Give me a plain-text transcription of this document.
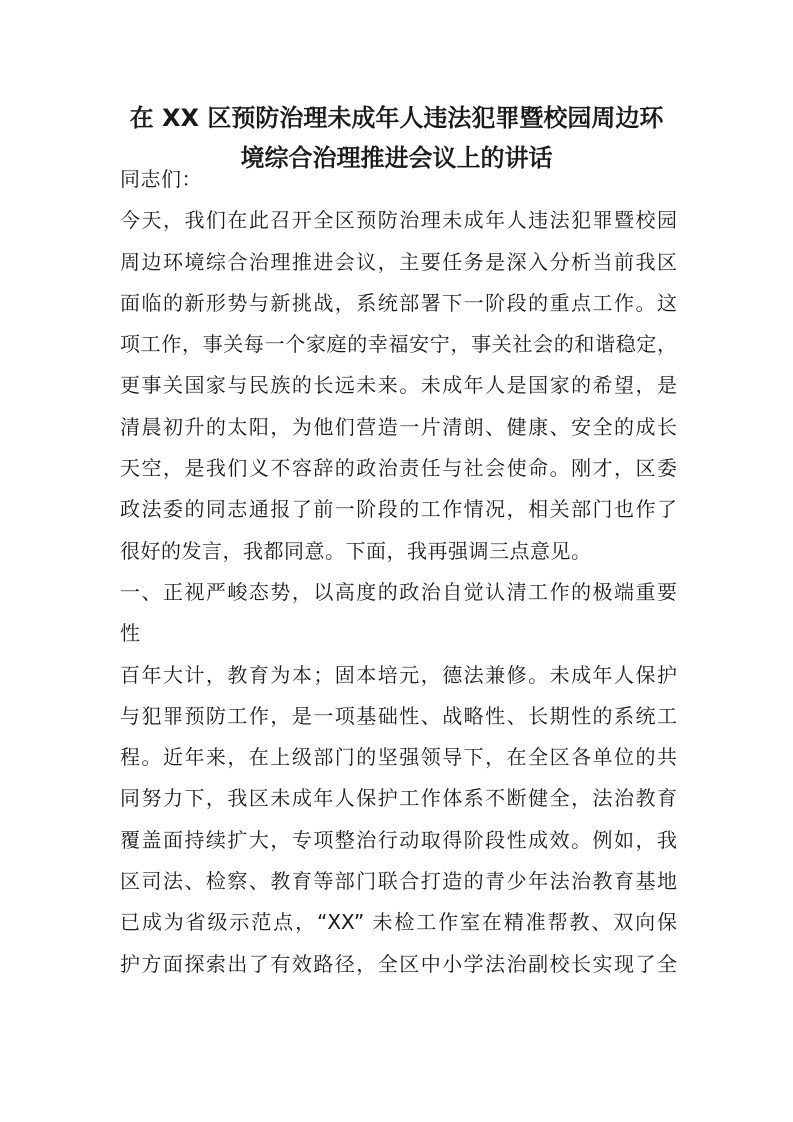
在 XX 区预防治理未成年人违法犯罪暨校园周边环
境综合治理推进会议上的讲话
同志们：
今天，我们在此召开全区预防治理未成年人违法犯罪暨校园
周边环境综合治理推进会议，主要任务是深入分析当前我区
面临的新形势与新挑战，系统部署下一阶段的重点工作。这
项工作，事关每一个家庭的幸福安宁，事关社会的和谐稳定，
更事关国家与民族的长远未来。未成年人是国家的希望，是
清晨初升的太阳，为他们营造一片清朗、健康、安全的成长
天空，是我们义不容辞的政治责任与社会使命。刚才，区委
政法委的同志通报了前一阶段的工作情况，相关部门也作了
很好的发言，我都同意。下面，我再强调三点意见。
一、正视严峻态势，以高度的政治自觉认清工作的极端重要
性
百年大计，教育为本；固本培元，德法兼修。未成年人保护
与犯罪预防工作，是一项基础性、战略性、长期性的系统工
程。近年来，在上级部门的坚强领导下，在全区各单位的共
同努力下，我区未成年人保护工作体系不断健全，法治教育
覆盖面持续扩大，专项整治行动取得阶段性成效。例如，我
区司法、检察、教育等部门联合打造的青少年法治教育基地
已成为省级示范点，“XX” 未检工作室在精准帮教、双向保
护方面探索出了有效路径，全区中小学法治副校长实现了全
